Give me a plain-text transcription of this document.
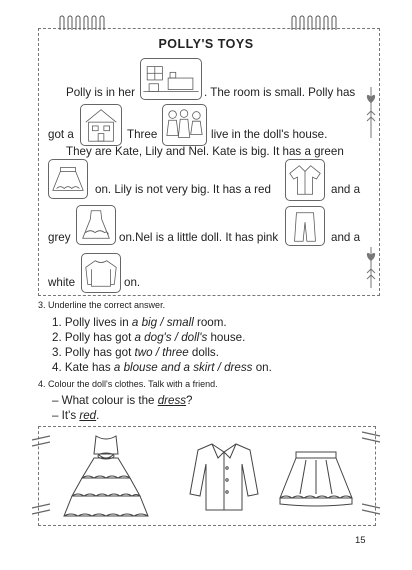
POLLY'S TOYS
Polly is in her	. The room is small. Polly has
got a	Three	live in the doll's house.
They are Kate, Lily and Nel. Kate is big. It has a green
on. Lily is not very big. It has a red	and a
grey	on.Nel is a little doll. It has pink	and a
white	on.
3. Underline the correct answer.
1. Polly lives in a big / small room.
2. Polly has got a dog's / doll's house.
3. Polly has got two / three dolls.
4. Kate has a blouse and a skirt / dress on.
4. Colour the doll's clothes. Talk with a friend.
– What colour is the dress?
– It's red.
15
